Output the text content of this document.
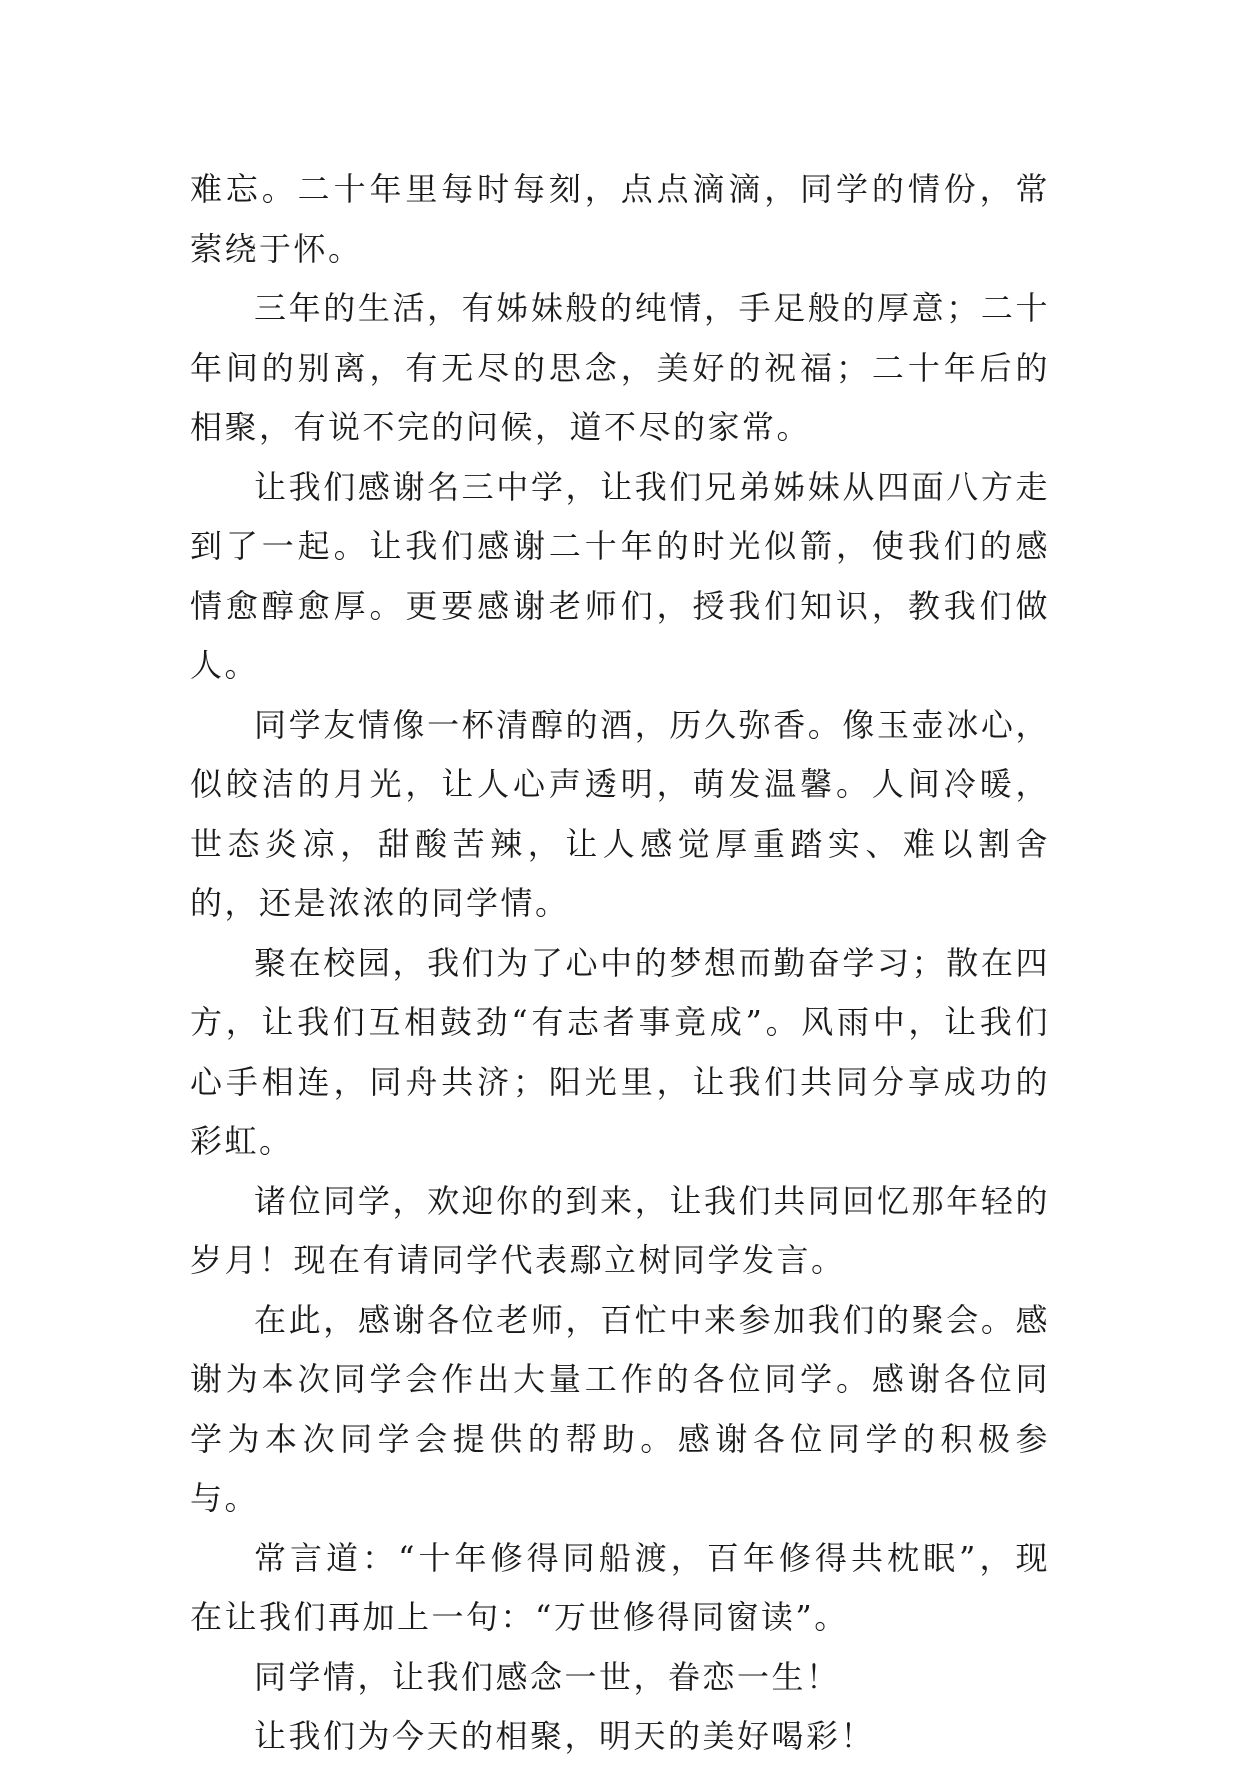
难忘。二十年里每时每刻，点点滴滴，同学的情份，常萦绕于怀。

三年的生活，有姊妹般的纯情，手足般的厚意；二十年间的别离，有无尽的思念，美好的祝福；二十年后的相聚，有说不完的问候，道不尽的家常。

让我们感谢名三中学，让我们兄弟姊妹从四面八方走到了一起。让我们感谢二十年的时光似箭，使我们的感情愈醇愈厚。更要感谢老师们，授我们知识，教我们做人。

同学友情像一杯清醇的酒，历久弥香。像玉壶冰心，似皎洁的月光，让人心声透明，萌发温馨。人间冷暖，世态炎凉，甜酸苦辣，让人感觉厚重踏实、难以割舍的，还是浓浓的同学情。

聚在校园，我们为了心中的梦想而勤奋学习；散在四方，让我们互相鼓劲“有志者事竟成”。风雨中，让我们心手相连，同舟共济；阳光里，让我们共同分享成功的彩虹。

诸位同学，欢迎你的到来，让我们共同回忆那年轻的岁月！现在有请同学代表鄢立树同学发言。

在此，感谢各位老师，百忙中来参加我们的聚会。感谢为本次同学会作出大量工作的各位同学。感谢各位同学为本次同学会提供的帮助。感谢各位同学的积极参与。

常言道：“十年修得同船渡，百年修得共枕眠”，现在让我们再加上一句：“万世修得同窗读”。

同学情，让我们感念一世，眷恋一生！

让我们为今天的相聚，明天的美好喝彩！
